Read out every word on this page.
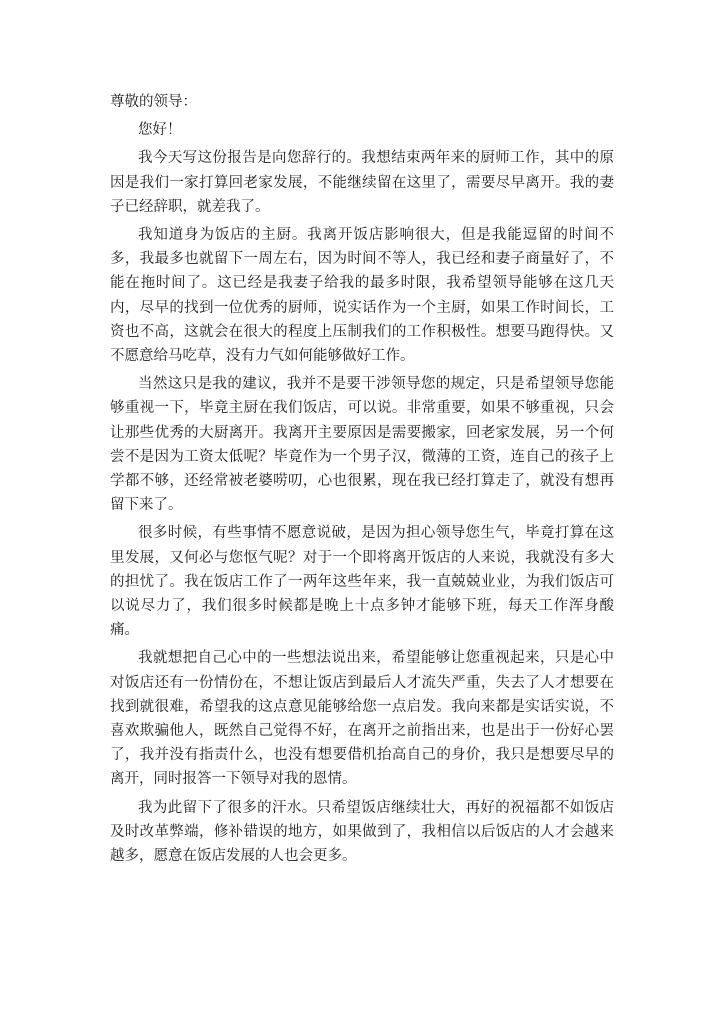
尊敬的领导：

您好！

我今天写这份报告是向您辞行的。我想结束两年来的厨师工作，其中的原因是我们一家打算回老家发展，不能继续留在这里了，需要尽早离开。我的妻子已经辞职，就差我了。

我知道身为饭店的主厨。我离开饭店影响很大，但是我能逗留的时间不多，我最多也就留下一周左右，因为时间不等人，我已经和妻子商量好了，不能在拖时间了。这已经是我妻子给我的最多时限，我希望领导能够在这几天内，尽早的找到一位优秀的厨师，说实话作为一个主厨，如果工作时间长，工资也不高，这就会在很大的程度上压制我们的工作积极性。想要马跑得快。又不愿意给马吃草，没有力气如何能够做好工作。

当然这只是我的建议，我并不是要干涉领导您的规定，只是希望领导您能够重视一下，毕竟主厨在我们饭店，可以说。非常重要，如果不够重视，只会让那些优秀的大厨离开。我离开主要原因是需要搬家，回老家发展，另一个何尝不是因为工资太低呢？毕竟作为一个男子汉，微薄的工资，连自己的孩子上学都不够，还经常被老婆唠叨，心也很累，现在我已经打算走了，就没有想再留下来了。

很多时候，有些事情不愿意说破，是因为担心领导您生气，毕竟打算在这里发展，又何必与您怄气呢？对于一个即将离开饭店的人来说，我就没有多大的担忧了。我在饭店工作了一两年这些年来，我一直兢兢业业，为我们饭店可以说尽力了，我们很多时候都是晚上十点多钟才能够下班，每天工作浑身酸痛。

我就想把自己心中的一些想法说出来，希望能够让您重视起来，只是心中对饭店还有一份情份在，不想让饭店到最后人才流失严重，失去了人才想要在找到就很难，希望我的这点意见能够给您一点启发。我向来都是实话实说，不喜欢欺骗他人，既然自己觉得不好，在离开之前指出来，也是出于一份好心罢了，我并没有指责什么，也没有想要借机抬高自己的身价，我只是想要尽早的离开，同时报答一下领导对我的恩情。

我为此留下了很多的汗水。只希望饭店继续壮大，再好的祝福都不如饭店及时改革弊端，修补错误的地方，如果做到了，我相信以后饭店的人才会越来越多，愿意在饭店发展的人也会更多。
